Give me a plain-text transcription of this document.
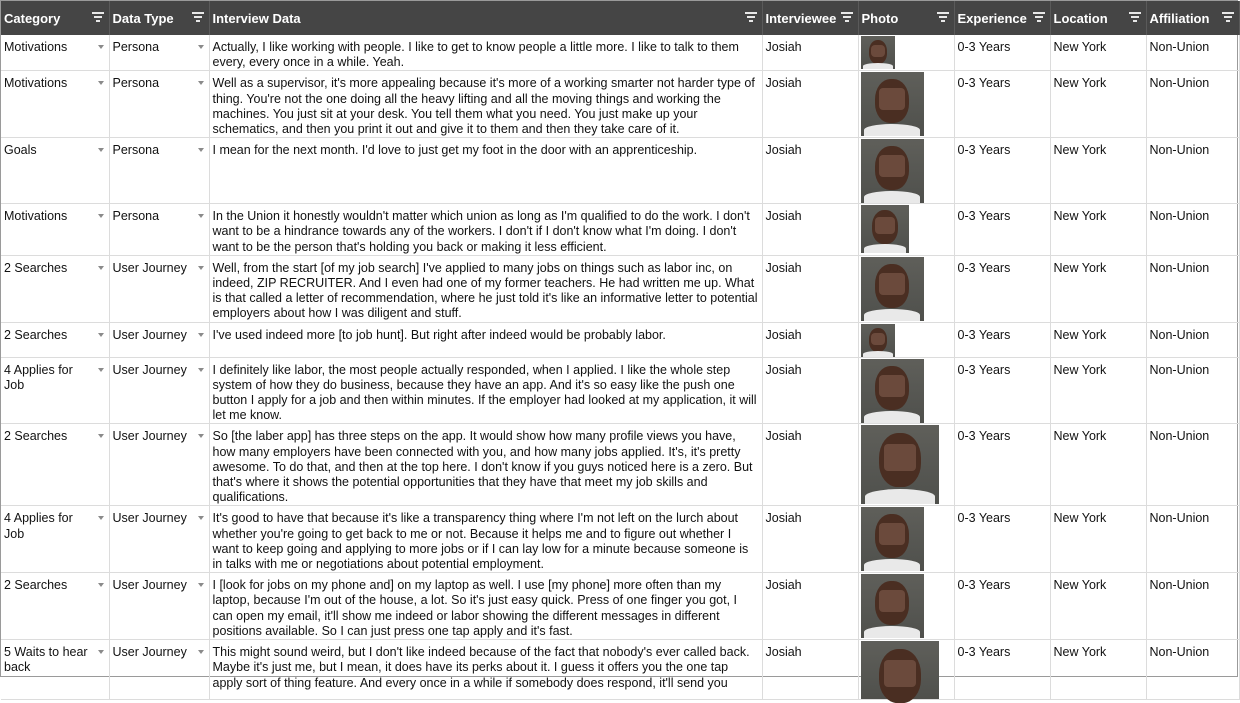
Category	Data Type	Interview Data	Interviewee	Photo	Experience	Location	Affiliation

Motivations	Persona	Actually, I like working with people. I like to get to know people a little more. I like to talk to them every, every once in a while. Yeah.	Josiah		0-3 Years	New York	Non-Union
Motivations	Persona	Well as a supervisor, it's more appealing because it's more of a working smarter not harder type of thing. You're not the one doing all the heavy lifting and all the moving things and working the machines. You just sit at your desk. You tell them what you need. You just make up your schematics, and then you print it out and give it to them and then they take care of it.	Josiah		0-3 Years	New York	Non-Union
Goals	Persona	I mean for the next month. I'd love to just get my foot in the door with an apprenticeship.	Josiah		0-3 Years	New York	Non-Union
Motivations	Persona	In the Union it honestly wouldn't matter which union as long as I'm qualified to do the work. I don't want to be a hindrance towards any of the workers. I don't if I don't know what I'm doing. I don't want to be the person that's holding you back or making it less efficient.	Josiah		0-3 Years	New York	Non-Union
2 Searches	User Journey	Well, from the start [of my job search] I've applied to many jobs on things such as labor inc, on indeed, ZIP RECRUITER. And I even had one of my former teachers. He had written me up. What is that called a letter of recommendation, where he just told it's like an informative letter to potential employers about how I was diligent and stuff.	Josiah		0-3 Years	New York	Non-Union
2 Searches	User Journey	I've used indeed more [to job hunt]. But right after indeed would be probably labor.	Josiah		0-3 Years	New York	Non-Union
4 Applies for Job	User Journey	I definitely like labor, the most people actually responded, when I applied. I like the whole step system of how they do business, because they have an app. And it's so easy like the push one button I apply for a job and then within minutes. If the employer had looked at my application, it will let me know.	Josiah		0-3 Years	New York	Non-Union
2 Searches	User Journey	So [the laber app] has three steps on the app. It would show how many profile views you have, how many employers have been connected with you, and how many jobs applied. It's, it's pretty awesome. To do that, and then at the top here. I don't know if you guys noticed here is a zero. But that's where it shows the potential opportunities that they have that meet my job skills and qualifications.	Josiah		0-3 Years	New York	Non-Union
4 Applies for Job	User Journey	It's good to have that because it's like a transparency thing where I'm not left on the lurch about whether you're going to get back to me or not. Because it helps me and to figure out whether I want to keep going and applying to more jobs or if I can lay low for a minute because someone is in talks with me or negotiations about potential employment.	Josiah		0-3 Years	New York	Non-Union
2 Searches	User Journey	I [look for jobs on my phone and] on my laptop as well. I use [my phone] more often than my laptop, because I'm out of the house, a lot. So it's just easy quick. Press of one finger you got, I can open my email, it'll show me indeed or labor showing the different messages in different positions available. So I can just press one tap apply and it's fast.	Josiah		0-3 Years	New York	Non-Union
5 Waits to hear back	User Journey	This might sound weird, but I don't like indeed because of the fact that nobody's ever called back. Maybe it's just me, but I mean, it does have its perks about it. I guess it offers you the one tap apply sort of thing feature. And every once in a while if somebody does respond, it'll send you	Josiah		0-3 Years	New York	Non-Union
